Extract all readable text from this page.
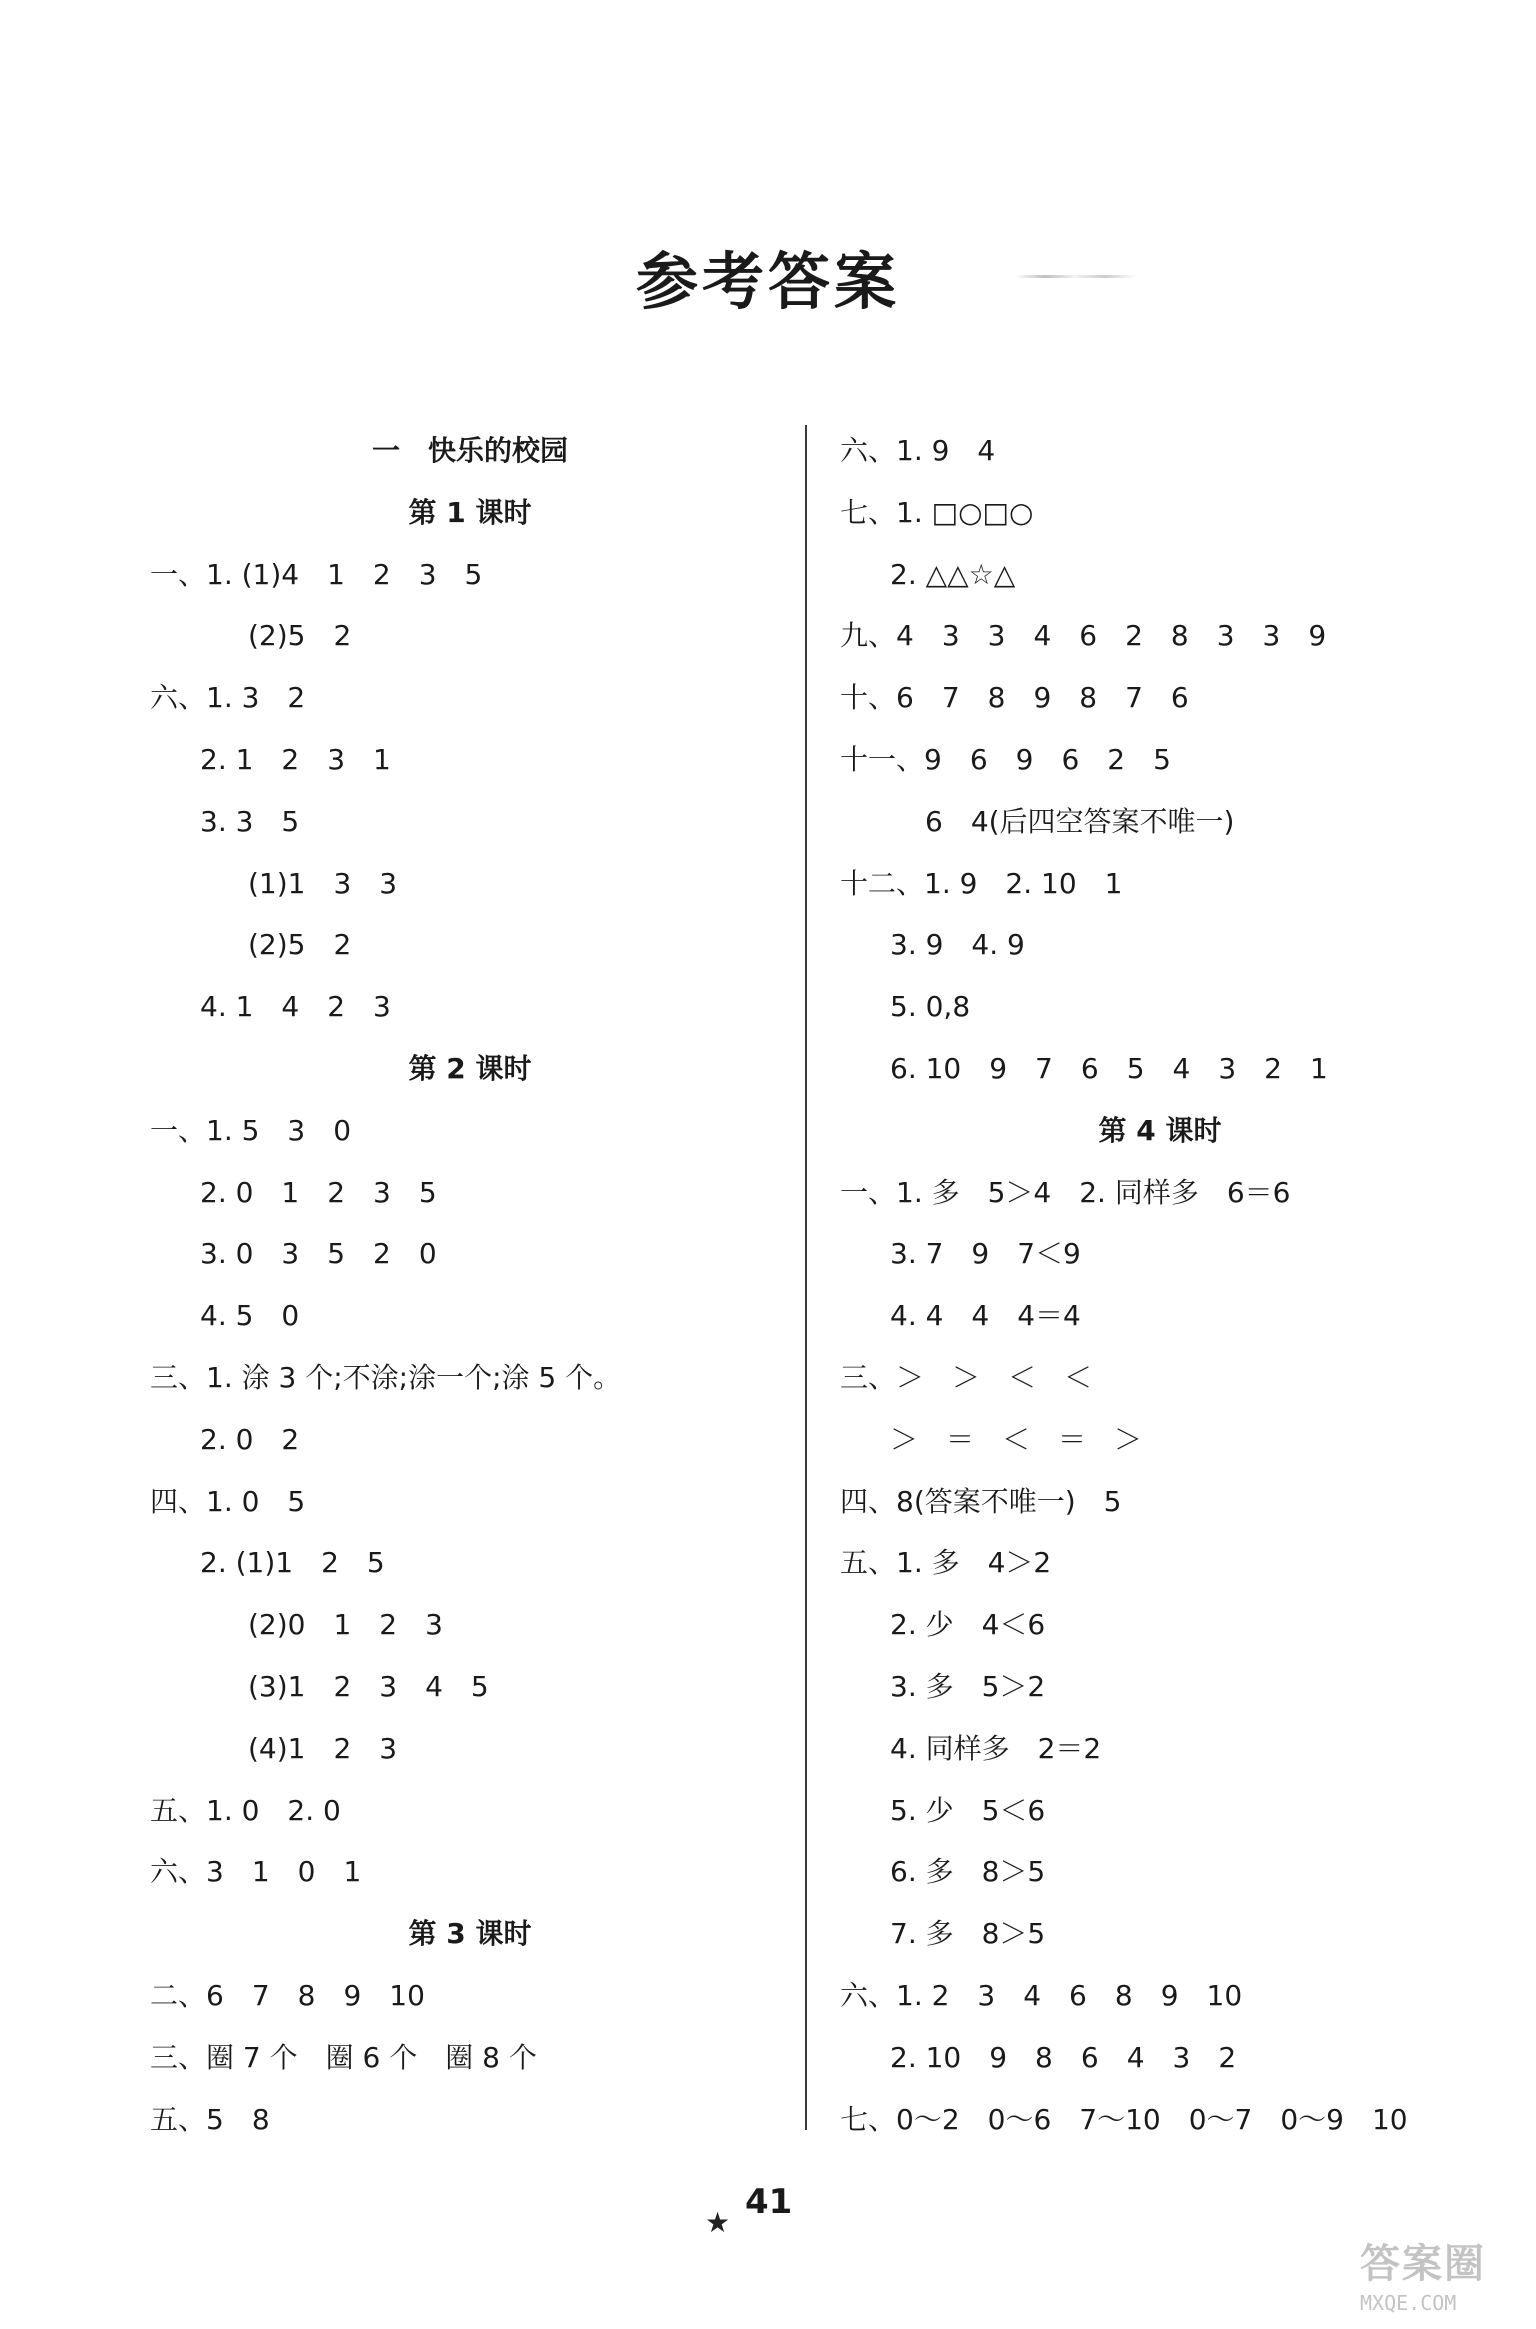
参考答案
一　快乐的校园
第 1 课时
一、1. (1)4　1　2　3　5
(2)5　2
六、1. 3　2
2. 1　2　3　1
3. 3　5
(1)1　3　3
(2)5　2
4. 1　4　2　3
第 2 课时
一、1. 5　3　0
2. 0　1　2　3　5
3. 0　3　5　2　0
4. 5　0
三、1. 涂 3 个;不涂;涂一个;涂 5 个。
2. 0　2
四、1. 0　5
2. (1)1　2　5
(2)0　1　2　3
(3)1　2　3　4　5
(4)1　2　3
五、1. 0　2. 0
六、3　1　0　1
第 3 课时
二、6　7　8　9　10
三、圈 7 个　圈 6 个　圈 8 个
五、5　8
六、1. 9　4
七、1. □○□○
2. △△☆△
九、4　3　3　4　6　2　8　3　3　9
十、6　7　8　9　8　7　6
十一、9　6　9　6　2　5
6　4(后四空答案不唯一)
十二、1. 9　2. 10　1
3. 9　4. 9
5. 0,8
6. 10　9　7　6　5　4　3　2　1
第 4 课时
一、1. 多　5＞4　2. 同样多　6＝6
3. 7　9　7＜9
4. 4　4　4＝4
三、＞　＞　＜　＜
＞　＝　＜　＝　＞
四、8(答案不唯一)　5
五、1. 多　4＞2
2. 少　4＜6
3. 多　5＞2
4. 同样多　2＝2
5. 少　5＜6
6. 多　8＞5
7. 多　8＞5
六、1. 2　3　4　6　8　9　10
2. 10　9　8　6　4　3　2
七、0～2　0～6　7～10　0～7　0～9　10
★
41
答案圈
MXQE.COM
